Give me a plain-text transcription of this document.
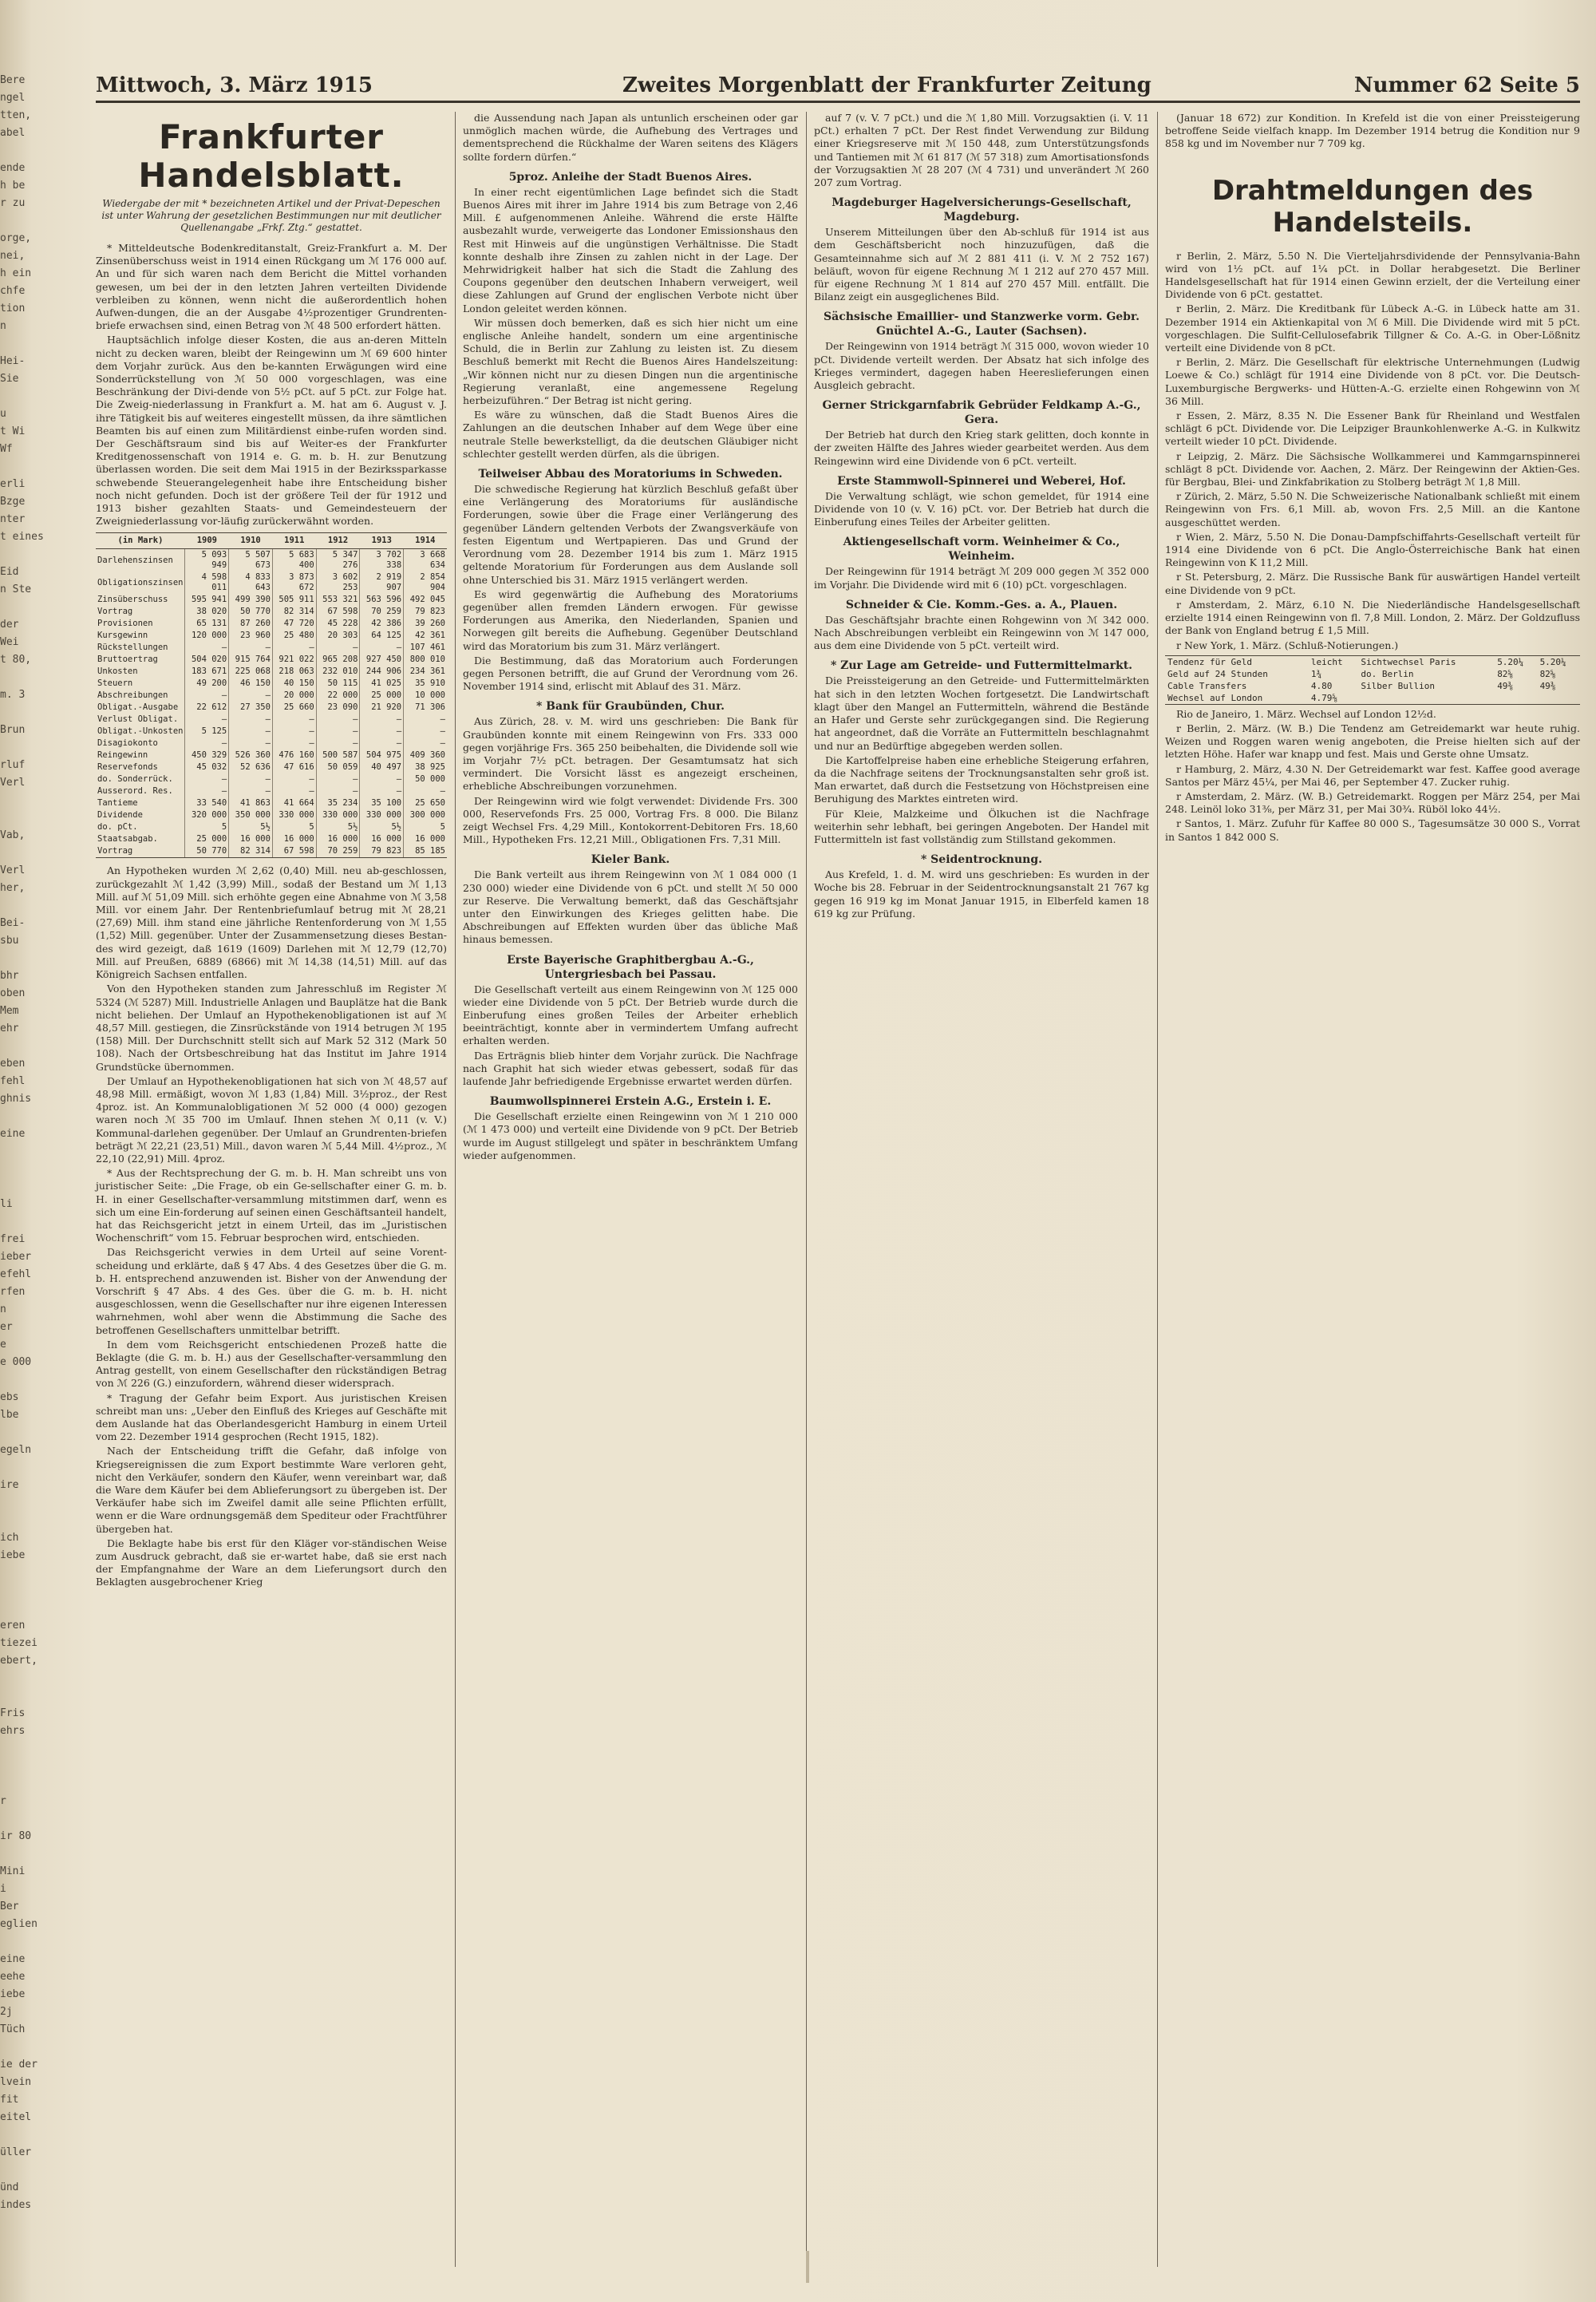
Bere
ngel
tten,
abel

ende
h be
r zu

orge,
nei,
h ein
chfe
tion
n

Hei-
Sie

u
t Wi
Wf

erli
Bzge
nter
t eines

Eid
n Ste

der
Wei
t 80,

m. 3

Brun

rluf
Verl

Vab,

Verl
her,

Bei-
sbu

bhr
oben
Mem
ehr

eben
fehl
ghnis

eine

li

frei
ieber
efehl
rfen
n
er
e
e 000

ebs
lbe

egeln

ire

ich
iebe

eren
tiezei
ebert,

Fris
ehrs

r

ir 80

Mini
i
Ber
eglien

eine
eehe
iebe
2j
Tüch

ie der
lvein
fit
eitel

üller

ünd
indes
Mittwoch, 3. März 1915	Zweites Morgenblatt der Frankfurter Zeitung	Nummer 62 Seite 5
Frankfurter Handelsblatt.
Wiedergabe der mit * bezeichneten Artikel und der Privat-Depeschen ist unter Wahrung der gesetzlichen Bestimmungen nur mit deutlicher Quellenangabe „Frkf. Ztg.“ gestattet.

* Mitteldeutsche Bodenkreditanstalt, Greiz-Frankfurt a. M. Der Zinsenüberschuss weist in 1914 einen Rückgang um ℳ 176 000 auf. An und für sich waren nach dem Bericht die Mittel vorhanden gewesen, um bei der in den letzten Jahren verteilten Dividende verbleiben zu können, wenn nicht die außerordentlich hohen Aufwen-dungen, die an der Ausgabe 4½prozentiger Grundrenten-briefe erwachsen sind, einen Betrag von ℳ 48 500 erfordert hätten.

Hauptsächlich infolge dieser Kosten, die aus an-deren Mitteln nicht zu decken waren, bleibt der Reingewinn um ℳ 69 600 hinter dem Vorjahr zurück. Aus den be-kannten Erwägungen wird eine Sonderrückstellung von ℳ 50 000 vorgeschlagen, was eine Beschränkung der Divi-dende von 5½ pCt. auf 5 pCt. zur Folge hat. Die Zweig-niederlassung in Frankfurt a. M. hat am 6. August v. J. ihre Tätigkeit bis auf weiteres eingestellt müssen, da ihre sämtlichen Beamten bis auf einen zum Militärdienst einbe-rufen worden sind. Der Geschäftsraum sind bis auf Weiter-es der Frankfurter Kreditgenossenschaft von 1914 e. G. m. b. H. zur Benutzung überlassen worden. Die seit dem Mai 1915 in der Bezirkssparkasse schwebende Steuerangelegenheit habe ihre Entscheidung bisher noch nicht gefunden. Doch ist der größere Teil der für 1912 und 1913 bisher gezahlten Staats- und Gemeindesteuern der Zweigniederlassung vor-läufig zurückerwähnt worden.

(in Mark)	1909	1910	1911	1912	1913	1914
Darlehenszinsen	5 093 949	5 507 673	5 683 400	5 347 276	3 702 338	3 668 634
Obligationszinsen	4 598 011	4 833 643	3 873 672	3 602 253	2 919 907	2 854 904
Zinsüberschuss	595 941	499 390	505 911	553 321	563 596	492 045
Vortrag	38 020	50 770	82 314	67 598	70 259	79 823
Provisionen	65 131	87 260	47 720	45 228	42 386	39 260
Kursgewinn	120 000	23 960	25 480	20 303	64 125	42 361
Rückstellungen	—	—	—	—	—	107 461
Bruttoertrag	504 020	915 764	921 022	965 208	927 450	800 010
Unkosten	183 671	225 068	218 063	232 010	244 906	234 361
Steuern	49 200	46 150	40 150	50 115	41 025	35 910
Abschreibungen	—	—	20 000	22 000	25 000	10 000
Obligat.-Ausgabe	22 612	27 350	25 660	23 090	21 920	71 306
Verlust Obligat.	—	—	—	—	—	—
Obligat.-Unkosten	5 125	—	—	—	—	—
Disagiokonto	—	—	—	—	—	—
Reingewinn	450 329	526 360	476 160	500 587	504 975	409 360
Reservefonds	45 032	52 636	47 616	50 059	40 497	38 925
do. Sonderrück.	—	—	—	—	—	50 000
Ausserord. Res.	—	—	—	—	—	—
Tantieme	33 540	41 863	41 664	35 234	35 100	25 650
Dividende	320 000	350 000	330 000	330 000	330 000	300 000
do. pCt.	5	5½	5	5½	5½	5
Staatsabgab.	25 000	16 000	16 000	16 000	16 000	16 000
Vortrag	50 770	82 314	67 598	70 259	79 823	85 185

An Hypotheken wurden ℳ 2,62 (0,40) Mill. neu ab-geschlossen, zurückgezahlt ℳ 1,42 (3,99) Mill., sodaß der Bestand um ℳ 1,13 Mill. auf ℳ 51,09 Mill. sich erhöhte gegen eine Abnahme von ℳ 3,58 Mill. vor einem Jahr. Der Rentenbriefumlauf betrug mit ℳ 28,21 (27,69) Mill. ihm stand eine jährliche Rentenforderung von ℳ 1,55 (1,52) Mill. gegenüber. Unter der Zusammensetzung dieses Bestan-des wird gezeigt, daß 1619 (1609) Darlehen mit ℳ 12,79 (12,70) Mill. auf Preußen, 6889 (6866) mit ℳ 14,38 (14,51) Mill. auf das Königreich Sachsen entfallen.

Von den Hypotheken standen zum Jahresschluß im Register ℳ 5324 (ℳ 5287) Mill. Industrielle Anlagen und Bauplätze hat die Bank nicht beliehen. Der Umlauf an Hypothekenobligationen ist auf ℳ 48,57 Mill. gestiegen, die Zinsrückstände von 1914 betrugen ℳ 195 (158) Mill. Der Durchschnitt stellt sich auf Mark 52 312 (Mark 50 108). Nach der Ortsbeschreibung hat das Institut im Jahre 1914 Grundstücke übernommen.

Der Umlauf an Hypothekenobligationen hat sich von ℳ 48,57 auf 48,98 Mill. ermäßigt, wovon ℳ 1,83 (1,84) Mill. 3½proz., der Rest 4proz. ist. An Kommunalobligationen ℳ 52 000 (4 000) gezogen waren noch ℳ 35 700 im Umlauf. Ihnen stehen ℳ 0,11 (v. V.) Kommunal-darlehen gegenüber. Der Umlauf an Grundrenten-briefen beträgt ℳ 22,21 (23,51) Mill., davon waren ℳ 5,44 Mill. 4½proz., ℳ 22,10 (22,91) Mill. 4proz.

* Aus der Rechtsprechung der G. m. b. H. Man schreibt uns von juristischer Seite: „Die Frage, ob ein Ge-sellschafter einer G. m. b. H. in einer Gesellschafter-versammlung mitstimmen darf, wenn es sich um eine Ein-forderung auf seinen einen Geschäftsanteil handelt, hat das Reichsgericht jetzt in einem Urteil, das im „Juristischen Wochenschrift“ vom 15. Februar besprochen wird, entschieden.

Das Reichsgericht verwies in dem Urteil auf seine Vorent-scheidung und erklärte, daß § 47 Abs. 4 des Gesetzes über die G. m. b. H. entsprechend anzuwenden ist. Bisher von der Anwendung der Vorschrift § 47 Abs. 4 des Ges. über die G. m. b. H. nicht ausgeschlossen, wenn die Gesellschafter nur ihre eigenen Interessen wahrnehmen, wohl aber wenn die Abstimmung die Sache des betroffenen Gesellschafters unmittelbar betrifft.

In dem vom Reichsgericht entschiedenen Prozeß hatte die Beklagte (die G. m. b. H.) aus der Gesellschafter-versammlung den Antrag gestellt, von einem Gesellschafter den rückständigen Betrag von ℳ 226 (G.) einzufordern, während dieser widersprach.

* Tragung der Gefahr beim Export. Aus juristischen Kreisen schreibt man uns: „Ueber den Einfluß des Krieges auf Geschäfte mit dem Auslande hat das Oberlandesgericht Hamburg in einem Urteil vom 22. Dezember 1914 gesprochen (Recht 1915, 182).

Nach der Entscheidung trifft die Gefahr, daß infolge von Kriegsereignissen die zum Export bestimmte Ware verloren geht, nicht den Verkäufer, sondern den Käufer, wenn vereinbart war, daß die Ware dem Käufer bei dem Ablieferungsort zu übergeben ist. Der Verkäufer habe sich im Zweifel damit alle seine Pflichten erfüllt, wenn er die Ware ordnungsgemäß dem Spediteur oder Frachtführer übergeben hat.

Die Beklagte habe bis erst für den Kläger vor-ständischen Weise zum Ausdruck gebracht, daß sie er-wartet habe, daß sie erst nach der Empfangnahme der Ware an dem Lieferungsort durch den Beklagten ausgebrochener Krieg

die Aussendung nach Japan als untunlich erscheinen oder gar unmöglich machen würde, die Aufhebung des Vertrages und dementsprechend die Rückhalme der Waren seitens des Klägers sollte fordern dürfen.“

5proz. Anleihe der Stadt Buenos Aires.

In einer recht eigentümlichen Lage befindet sich die Stadt Buenos Aires mit ihrer im Jahre 1914 bis zum Betrage von 2,46 Mill. £ aufgenommenen Anleihe. Während die erste Hälfte ausbezahlt wurde, verweigerte das Londoner Emissionshaus den Rest mit Hinweis auf die ungünstigen Verhältnisse. Die Stadt konnte deshalb ihre Zinsen zu zahlen nicht in der Lage. Der Mehrwidrigkeit halber hat sich die Stadt die Zahlung des Coupons gegenüber den deutschen Inhabern verweigert, weil diese Zahlungen auf Grund der englischen Verbote nicht über London geleitet werden können.

Wir müssen doch bemerken, daß es sich hier nicht um eine englische Anleihe handelt, sondern um eine argentinische Schuld, die in Berlin zur Zahlung zu leisten ist. Zu diesem Beschluß bemerkt mit Recht die Buenos Aires Handelszeitung: „Wir können nicht nur zu diesen Dingen nun die argentinische Regierung veranlaßt, eine angemessene Regelung herbeizuführen.“ Der Betrag ist nicht gering.

Es wäre zu wünschen, daß die Stadt Buenos Aires die Zahlungen an die deutschen Inhaber auf dem Wege über eine neutrale Stelle bewerkstelligt, da die deutschen Gläubiger nicht schlechter gestellt werden dürfen, als die übrigen.

Teilweiser Abbau des Moratoriums in Schweden.

Die schwedische Regierung hat kürzlich Beschluß gefaßt über eine Verlängerung des Moratoriums für ausländische Forderungen, sowie über die Frage einer Verlängerung des gegenüber Ländern geltenden Verbots der Zwangsverkäufe von festen Eigentum und Wertpapieren. Das und Grund der Verordnung vom 28. Dezember 1914 bis zum 1. März 1915 geltende Moratorium für Forderungen aus dem Auslande soll ohne Unterschied bis 31. März 1915 verlängert werden.

Es wird gegenwärtig die Aufhebung des Moratoriums gegenüber allen fremden Ländern erwogen. Für gewisse Forderungen aus Amerika, den Niederlanden, Spanien und Norwegen gilt bereits die Aufhebung. Gegenüber Deutschland wird das Moratorium bis zum 31. März verlängert.

Die Bestimmung, daß das Moratorium auch Forderungen gegen Personen betrifft, die auf Grund der Verordnung vom 26. November 1914 sind, erlischt mit Ablauf des 31. März.

* Bank für Graubünden, Chur.

Aus Zürich, 28. v. M. wird uns geschrieben: Die Bank für Graubünden konnte mit einem Reingewinn von Frs. 333 000 gegen vorjährige Frs. 365 250 beibehalten, die Dividende soll wie im Vorjahr 7½ pCt. betragen. Der Gesamtumsatz hat sich vermindert. Die Vorsicht lässt es angezeigt erscheinen, erhebliche Abschreibungen vorzunehmen.

Der Reingewinn wird wie folgt verwendet: Dividende Frs. 300 000, Reservefonds Frs. 25 000, Vortrag Frs. 8 000. Die Bilanz zeigt Wechsel Frs. 4,29 Mill., Kontokorrent-Debitoren Frs. 18,60 Mill., Hypotheken Frs. 12,21 Mill., Obligationen Frs. 7,31 Mill.

Kieler Bank.

Die Bank verteilt aus ihrem Reingewinn von ℳ 1 084 000 (1 230 000) wieder eine Dividende von 6 pCt. und stellt ℳ 50 000 zur Reserve. Die Verwaltung bemerkt, daß das Geschäftsjahr unter den Einwirkungen des Krieges gelitten habe. Die Abschreibungen auf Effekten wurden über das übliche Maß hinaus bemessen.

Erste Bayerische Graphitbergbau A.-G., Untergriesbach bei Passau.

Die Gesellschaft verteilt aus einem Reingewinn von ℳ 125 000 wieder eine Dividende von 5 pCt. Der Betrieb wurde durch die Einberufung eines großen Teiles der Arbeiter erheblich beeinträchtigt, konnte aber in vermindertem Umfang aufrecht erhalten werden.

Das Erträgnis blieb hinter dem Vorjahr zurück. Die Nachfrage nach Graphit hat sich wieder etwas gebessert, sodaß für das laufende Jahr befriedigende Ergebnisse erwartet werden dürfen.

Baumwollspinnerei Erstein A.G., Erstein i. E.

Die Gesellschaft erzielte einen Reingewinn von ℳ 1 210 000 (ℳ 1 473 000) und verteilt eine Dividende von 9 pCt. Der Betrieb wurde im August stillgelegt und später in beschränktem Umfang wieder aufgenommen.

auf 7 (v. V. 7 pCt.) und die ℳ 1,80 Mill. Vorzugsaktien (i. V. 11 pCt.) erhalten 7 pCt. Der Rest findet Verwendung zur Bildung einer Kriegsreserve mit ℳ 150 448, zum Unterstützungsfonds und Tantiemen mit ℳ 61 817 (ℳ 57 318) zum Amortisationsfonds der Vorzugsaktien ℳ 28 207 (ℳ 4 731) und unverändert ℳ 260 207 zum Vortrag.

Magdeburger Hagelversicherungs-Gesellschaft, Magdeburg.

Unserem Mitteilungen über den Ab-schluß für 1914 ist aus dem Geschäftsbericht noch hinzuzufügen, daß die Gesamteinnahme sich auf ℳ 2 881 411 (i. V. ℳ 2 752 167) beläuft, wovon für eigene Rechnung ℳ 1 212 auf 270 457 Mill. für eigene Rechnung ℳ 1 814 auf 270 457 Mill. entfällt. Die Bilanz zeigt ein ausgeglichenes Bild.

Sächsische Emaillier- und Stanzwerke vorm. Gebr. Gnüchtel A.-G., Lauter (Sachsen).

Der Reingewinn von 1914 beträgt ℳ 315 000, wovon wieder 10 pCt. Dividende verteilt werden. Der Absatz hat sich infolge des Krieges vermindert, dagegen haben Heereslieferungen einen Ausgleich gebracht.

Gerner Strickgarnfabrik Gebrüder Feldkamp A.-G., Gera.

Der Betrieb hat durch den Krieg stark gelitten, doch konnte in der zweiten Hälfte des Jahres wieder gearbeitet werden. Aus dem Reingewinn wird eine Dividende von 6 pCt. verteilt.

Erste Stammwoll-Spinnerei und Weberei, Hof.

Die Verwaltung schlägt, wie schon gemeldet, für 1914 eine Dividende von 10 (v. V. 16) pCt. vor. Der Betrieb hat durch die Einberufung eines Teiles der Arbeiter gelitten.

Aktiengesellschaft vorm. Weinheimer & Co., Weinheim.

Der Reingewinn für 1914 beträgt ℳ 209 000 gegen ℳ 352 000 im Vorjahr. Die Dividende wird mit 6 (10) pCt. vorgeschlagen.

Schneider & Cie. Komm.-Ges. a. A., Plauen.

Das Geschäftsjahr brachte einen Rohgewinn von ℳ 342 000. Nach Abschreibungen verbleibt ein Reingewinn von ℳ 147 000, aus dem eine Dividende von 5 pCt. verteilt wird.

* Zur Lage am Getreide- und Futtermittelmarkt.

Die Preissteigerung an den Getreide- und Futtermittelmärkten hat sich in den letzten Wochen fortgesetzt. Die Landwirtschaft klagt über den Mangel an Futtermitteln, während die Bestände an Hafer und Gerste sehr zurückgegangen sind. Die Regierung hat angeordnet, daß die Vorräte an Futtermitteln beschlagnahmt und nur an Bedürftige abgegeben werden sollen.

Die Kartoffelpreise haben eine erhebliche Steigerung erfahren, da die Nachfrage seitens der Trocknungsanstalten sehr groß ist. Man erwartet, daß durch die Festsetzung von Höchstpreisen eine Beruhigung des Marktes eintreten wird.

Für Kleie, Malzkeime und Ölkuchen ist die Nachfrage weiterhin sehr lebhaft, bei geringen Angeboten. Der Handel mit Futtermitteln ist fast vollständig zum Stillstand gekommen.

* Seidentrocknung.

Aus Krefeld, 1. d. M. wird uns geschrieben: Es wurden in der Woche bis 28. Februar in der Seidentrocknungsanstalt 21 767 kg gegen 16 919 kg im Monat Januar 1915, in Elberfeld kamen 18 619 kg zur Prüfung.

(Januar 18 672) zur Kondition. In Krefeld ist die von einer Preissteigerung betroffene Seide vielfach knapp. Im Dezember 1914 betrug die Kondition nur 9 858 kg und im November nur 7 709 kg.

Drahtmeldungen des Handelsteils.

r Berlin, 2. März, 5.50 N. Die Vierteljahrsdividende der Pennsylvania-Bahn wird von 1½ pCt. auf 1¼ pCt. in Dollar herabgesetzt. Die Berliner Handelsgesellschaft hat für 1914 einen Gewinn erzielt, der die Verteilung einer Dividende von 6 pCt. gestattet.

r Berlin, 2. März. Die Kreditbank für Lübeck A.-G. in Lübeck hatte am 31. Dezember 1914 ein Aktienkapital von ℳ 6 Mill. Die Dividende wird mit 5 pCt. vorgeschlagen. Die Sulfit-Cellulosefabrik Tillgner & Co. A.-G. in Ober-Lößnitz verteilt eine Dividende von 8 pCt.

r Berlin, 2. März. Die Gesellschaft für elektrische Unternehmungen (Ludwig Loewe & Co.) schlägt für 1914 eine Dividende von 8 pCt. vor. Die Deutsch-Luxemburgische Bergwerks- und Hütten-A.-G. erzielte einen Rohgewinn von ℳ 36 Mill.

r Essen, 2. März, 8.35 N. Die Essener Bank für Rheinland und Westfalen schlägt 6 pCt. Dividende vor. Die Leipziger Braunkohlenwerke A.-G. in Kulkwitz verteilt wieder 10 pCt. Dividende.

r Leipzig, 2. März. Die Sächsische Wollkammerei und Kammgarnspinnerei schlägt 8 pCt. Dividende vor. Aachen, 2. März. Der Reingewinn der Aktien-Ges. für Bergbau, Blei- und Zinkfabrikation zu Stolberg beträgt ℳ 1,8 Mill.

r Zürich, 2. März, 5.50 N. Die Schweizerische Nationalbank schließt mit einem Reingewinn von Frs. 6,1 Mill. ab, wovon Frs. 2,5 Mill. an die Kantone ausgeschüttet werden.

r Wien, 2. März, 5.50 N. Die Donau-Dampfschiffahrts-Gesellschaft verteilt für 1914 eine Dividende von 6 pCt. Die Anglo-Österreichische Bank hat einen Reingewinn von K 11,2 Mill.

r St. Petersburg, 2. März. Die Russische Bank für auswärtigen Handel verteilt eine Dividende von 9 pCt.

r Amsterdam, 2. März, 6.10 N. Die Niederländische Handelsgesellschaft erzielte 1914 einen Reingewinn von fl. 7,8 Mill. London, 2. März. Der Goldzufluss der Bank von England betrug £ 1,5 Mill.

r New York, 1. März. (Schluß-Notierungen.)

Tendenz für Geld	leicht	Sichtwechsel Paris	5.20¼	5.20¼
Geld auf 24 Stunden	1¾	do. Berlin	82⅝	82⅝
Cable Transfers	4.80	Silber Bullion	49⅜	49⅜
Wechsel auf London	4.79⅝			

Rio de Janeiro, 1. März. Wechsel auf London 12½d.

r Berlin, 2. März. (W. B.) Die Tendenz am Getreidemarkt war heute ruhig. Weizen und Roggen waren wenig angeboten, die Preise hielten sich auf der letzten Höhe. Hafer war knapp und fest. Mais und Gerste ohne Umsatz.

r Hamburg, 2. März, 4.30 N. Der Getreidemarkt war fest. Kaffee good average Santos per März 45¼, per Mai 46, per September 47. Zucker ruhig.

r Amsterdam, 2. März. (W. B.) Getreidemarkt. Roggen per März 254, per Mai 248. Leinöl loko 31⅜, per März 31, per Mai 30¾. Rüböl loko 44½.

r Santos, 1. März. Zufuhr für Kaffee 80 000 S., Tagesumsätze 30 000 S., Vorrat in Santos 1 842 000 S.
